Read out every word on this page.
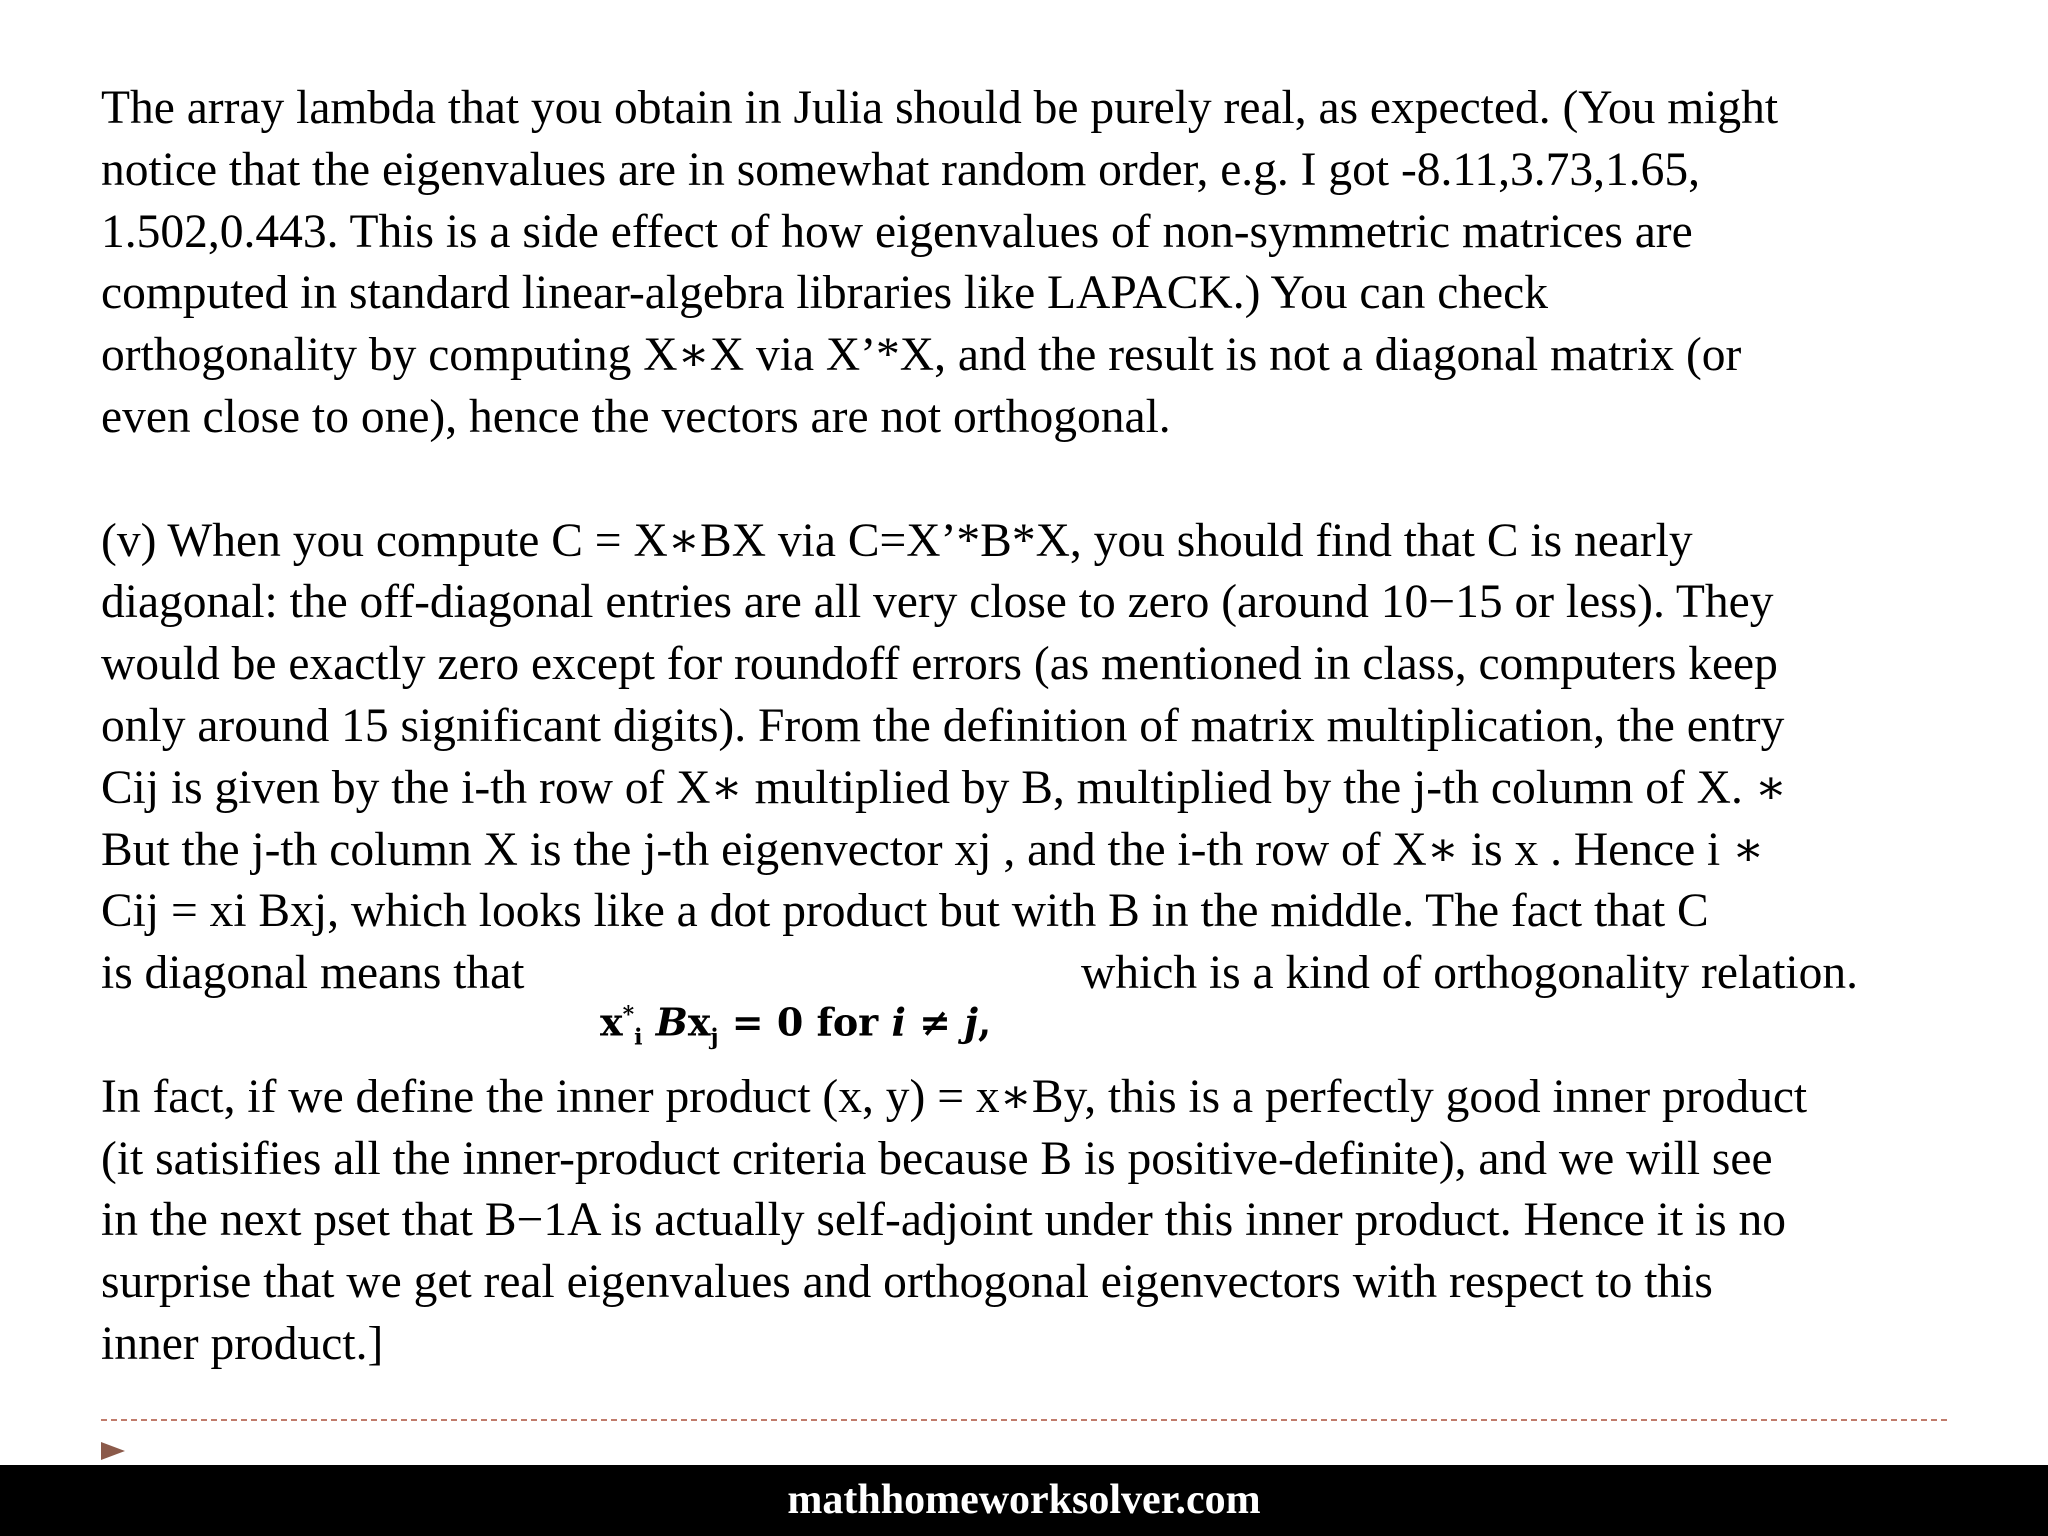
The array lambda that you obtain in Julia should be purely real, as expected. (You might
notice that the eigenvalues are in somewhat random order, e.g. I got -8.11,3.73,1.65,
1.502,0.443. This is a side effect of how eigenvalues of non-symmetric matrices are
computed in standard linear-algebra libraries like LAPACK.) You can check
orthogonality by computing X∗X via X’*X, and the result is not a diagonal matrix (or
even close to one), hence the vectors are not orthogonal.

(v) When you compute C = X∗BX via C=X’*B*X, you should find that C is nearly
diagonal: the off-diagonal entries are all very close to zero (around 10−15 or less). They
would be exactly zero except for roundoff errors (as mentioned in class, computers keep
only around 15 significant digits). From the definition of matrix multiplication, the entry
Cij is given by the i-th row of X∗ multiplied by B, multiplied by the j-th column of X. ∗
But the j-th column X is the j-th eigenvector xj , and the i-th row of X∗ is x . Hence i ∗
Cij = xi Bxj, which looks like a dot product but with B in the middle. The fact that C
is diagonal means that	which is a kind of orthogonality relation.

In fact, if we define the inner product (x, y) = x∗By, this is a perfectly good inner product
(it satisifies all the inner-product criteria because B is positive-definite), and we will see
in the next pset that B−1A is actually self-adjoint under this inner product. Hence it is no
surprise that we get real eigenvalues and orthogonal eigenvectors with respect to this
inner product.]

$x^*_i$ $Bx_j = 0$ for i ≠ j,
mathhomeworksolver.com
